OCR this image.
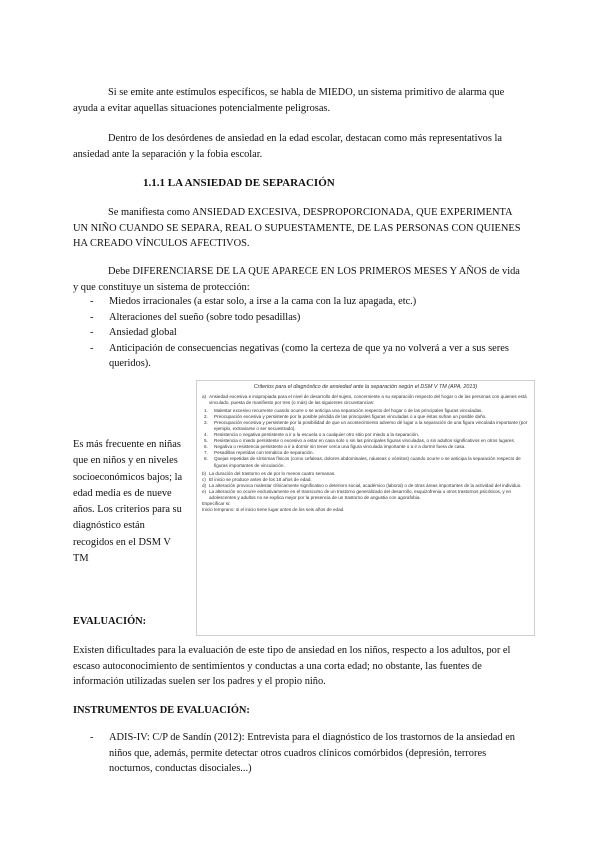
Si se emite ante estímulos específicos, se habla de MIEDO, un sistema primitivo de alarma que ayuda a evitar aquellas situaciones potencialmente peligrosas.

Dentro de los desórdenes de ansiedad en la edad escolar, destacan como más representativos la ansiedad ante la separación y la fobia escolar.

1.1.1 LA ANSIEDAD DE SEPARACIÓN

Se manifiesta como ANSIEDAD EXCESIVA, DESPROPORCIONADA, QUE EXPERIMENTA UN NIÑO CUANDO SE SEPARA, REAL O SUPUESTAMENTE, DE LAS PERSONAS CON QUIENES HA CREADO VÍNCULOS AFECTIVOS.

Debe DIFERENCIARSE DE LA QUE APARECE EN LOS PRIMEROS MESES Y AÑOS de vida y que constituye un sistema de protección:

- Miedos irracionales (a estar solo, a irse a la cama con la luz apagada, etc.)
- Alteraciones del sueño (sobre todo pesadillas)
- Ansiedad global
- Anticipación de consecuencias negativas (como la certeza de que ya no volverá a ver a sus seres queridos).
Es más frecuente en niñas que en niños y en niveles socioeconómicos bajos; la edad media es de nueve años. Los criterios para su diagnóstico están recogidos en el DSM V TM
Criterios para el diagnóstico de ansiedad ante la separación según el DSM V TM (APA, 2013)
a) Ansiedad excesiva e inapropiada para el nivel de desarrollo del sujeto, concerniente a su separación respecto del hogar o de las personas con quienes está vinculado, puesta de manifiesto por tres (o más) de las siguientes circunstancias:
1. Malestar excesivo recurrente cuando ocurre o se anticipa una separación respecto del hogar o de las principales figuras vinculadas.
2. Preocupación excesiva y persistente por la posible pérdida de las principales figuras vinculadas o a que éstas sufran un posible daño.
3. Preocupación excesiva y persistente por la posibilidad de que un acontecimiento adverso dé lugar a la separación de una figura vinculada importante (por ejemplo, extraviarse o ser secuestrado).
4. Resistencia o negativa persistente a ir a la escuela o a cualquier otro sitio por miedo a la separación.
5. Resistencia o miedo persistente o excesivo a estar en casa solo o sin las principales figuras vinculadas, o sin adultos significativos en otros lugares.
6. Negativa o resistencia persistente a ir a dormir sin tener cerca una figura vinculada importante o a ir a dormir fuera de casa.
7. Pesadillas repetidas con temática de separación.
8. Quejas repetidas de síntomas físicos (como cefaleas, dolores abdominales, náuseas o vómitos) cuando ocurre o se anticipa la separación respecto de figuras importantes de vinculación.
b) La duración del trastorno es de por lo menos cuatro semanas.
c) El inicio se produce antes de los 18 años de edad.
d) La alteración provoca malestar clínicamente significativo o deterioro social, académico (laboral) o de otras áreas importantes de la actividad del individuo.
e) La alteración no ocurre exclusivamente en el transcurso de un trastorno generalizado del desarrollo, esquizofrenia u otros trastornos psicóticos, y en adolescentes y adultos no se explica mejor por la presencia de un trastorno de angustia con agorafobia.
Especificar si:
Inicio temprano: si el inicio tiene lugar antes de los seis años de edad.
EVALUACIÓN:

Existen dificultades para la evaluación de este tipo de ansiedad en los niños, respecto a los adultos, por el escaso autoconocimiento de sentimientos y conductas a una corta edad; no obstante, las fuentes de información utilizadas suelen ser los padres y el propio niño.

INSTRUMENTOS DE EVALUACIÓN:
- ADIS-IV: C/P de Sandín (2012): Entrevista para el diagnóstico de los trastornos de la ansiedad en niños que, además, permite detectar otros cuadros clínicos comórbidos (depresión, terrores nocturnos, conductas disociales...)
